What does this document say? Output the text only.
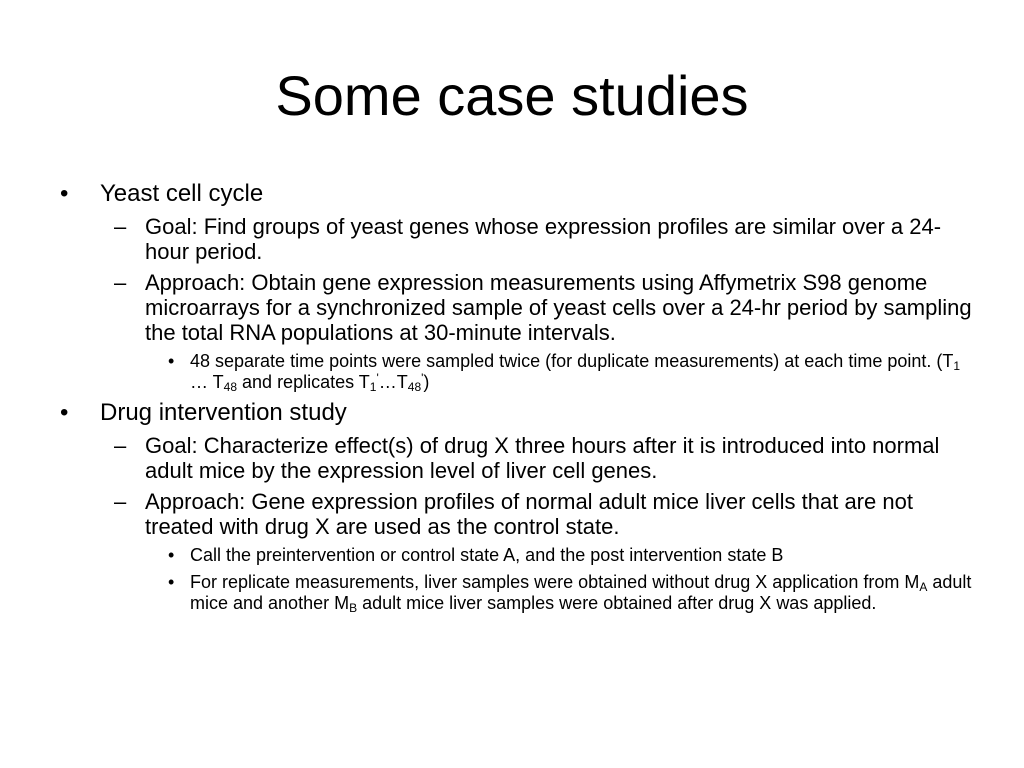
Some case studies

•	Yeast cell cycle

– Goal: Find groups of yeast genes whose expression profiles are similar over a 24-hour period.

– Approach: Obtain gene expression measurements using Affymetrix S98 genome microarrays for a synchronized sample of yeast cells over a 24-hr period by sampling the total RNA populations at 30-minute intervals.

• 48 separate time points were sampled twice (for duplicate measurements) at each time point. ($T_1$ … $T_{48}$ and replicates $T_1'\dots T_{48}'$)

•	Drug intervention study

– Goal: Characterize effect(s) of drug X three hours after it is introduced into normal adult mice by the expression level of liver cell genes.

– Approach: Gene expression profiles of normal adult mice liver cells that are not treated with drug X are used as the control state.

• Call the preintervention or control state A, and the post intervention state B

• For replicate measurements, liver samples were obtained without drug X application from $M_A$ adult mice and another $M_B$ adult mice liver samples were obtained after drug X was applied.
